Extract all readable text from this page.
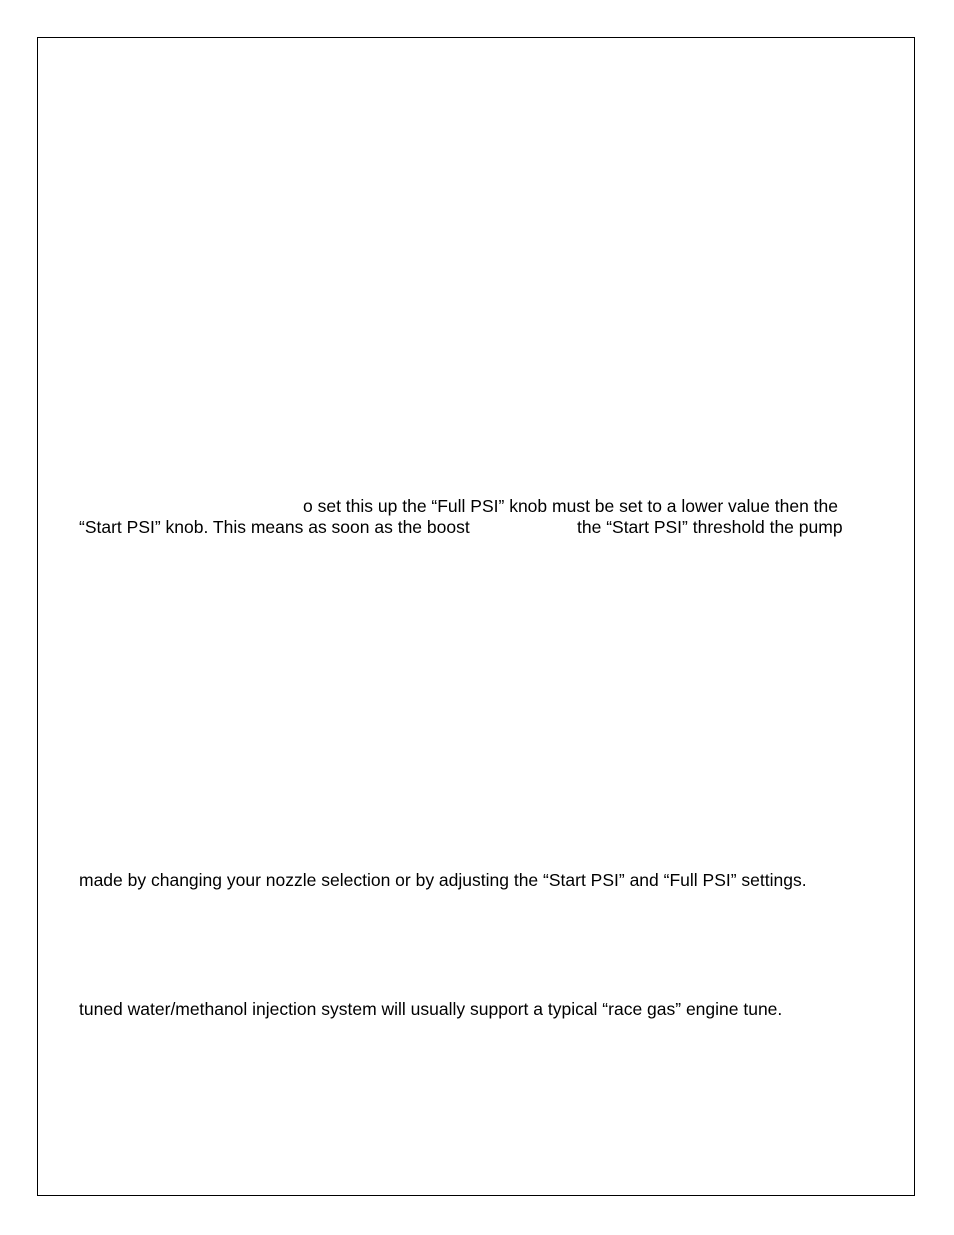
o set this up the “Full PSI” knob must be set to a lower value then the

“Start PSI” knob. This means as soon as the boost	the “Start PSI” threshold the pump

made by changing your nozzle selection or by adjusting the “Start PSI” and “Full PSI” settings.

tuned water/methanol injection system will usually support a typical “race gas” engine tune.
